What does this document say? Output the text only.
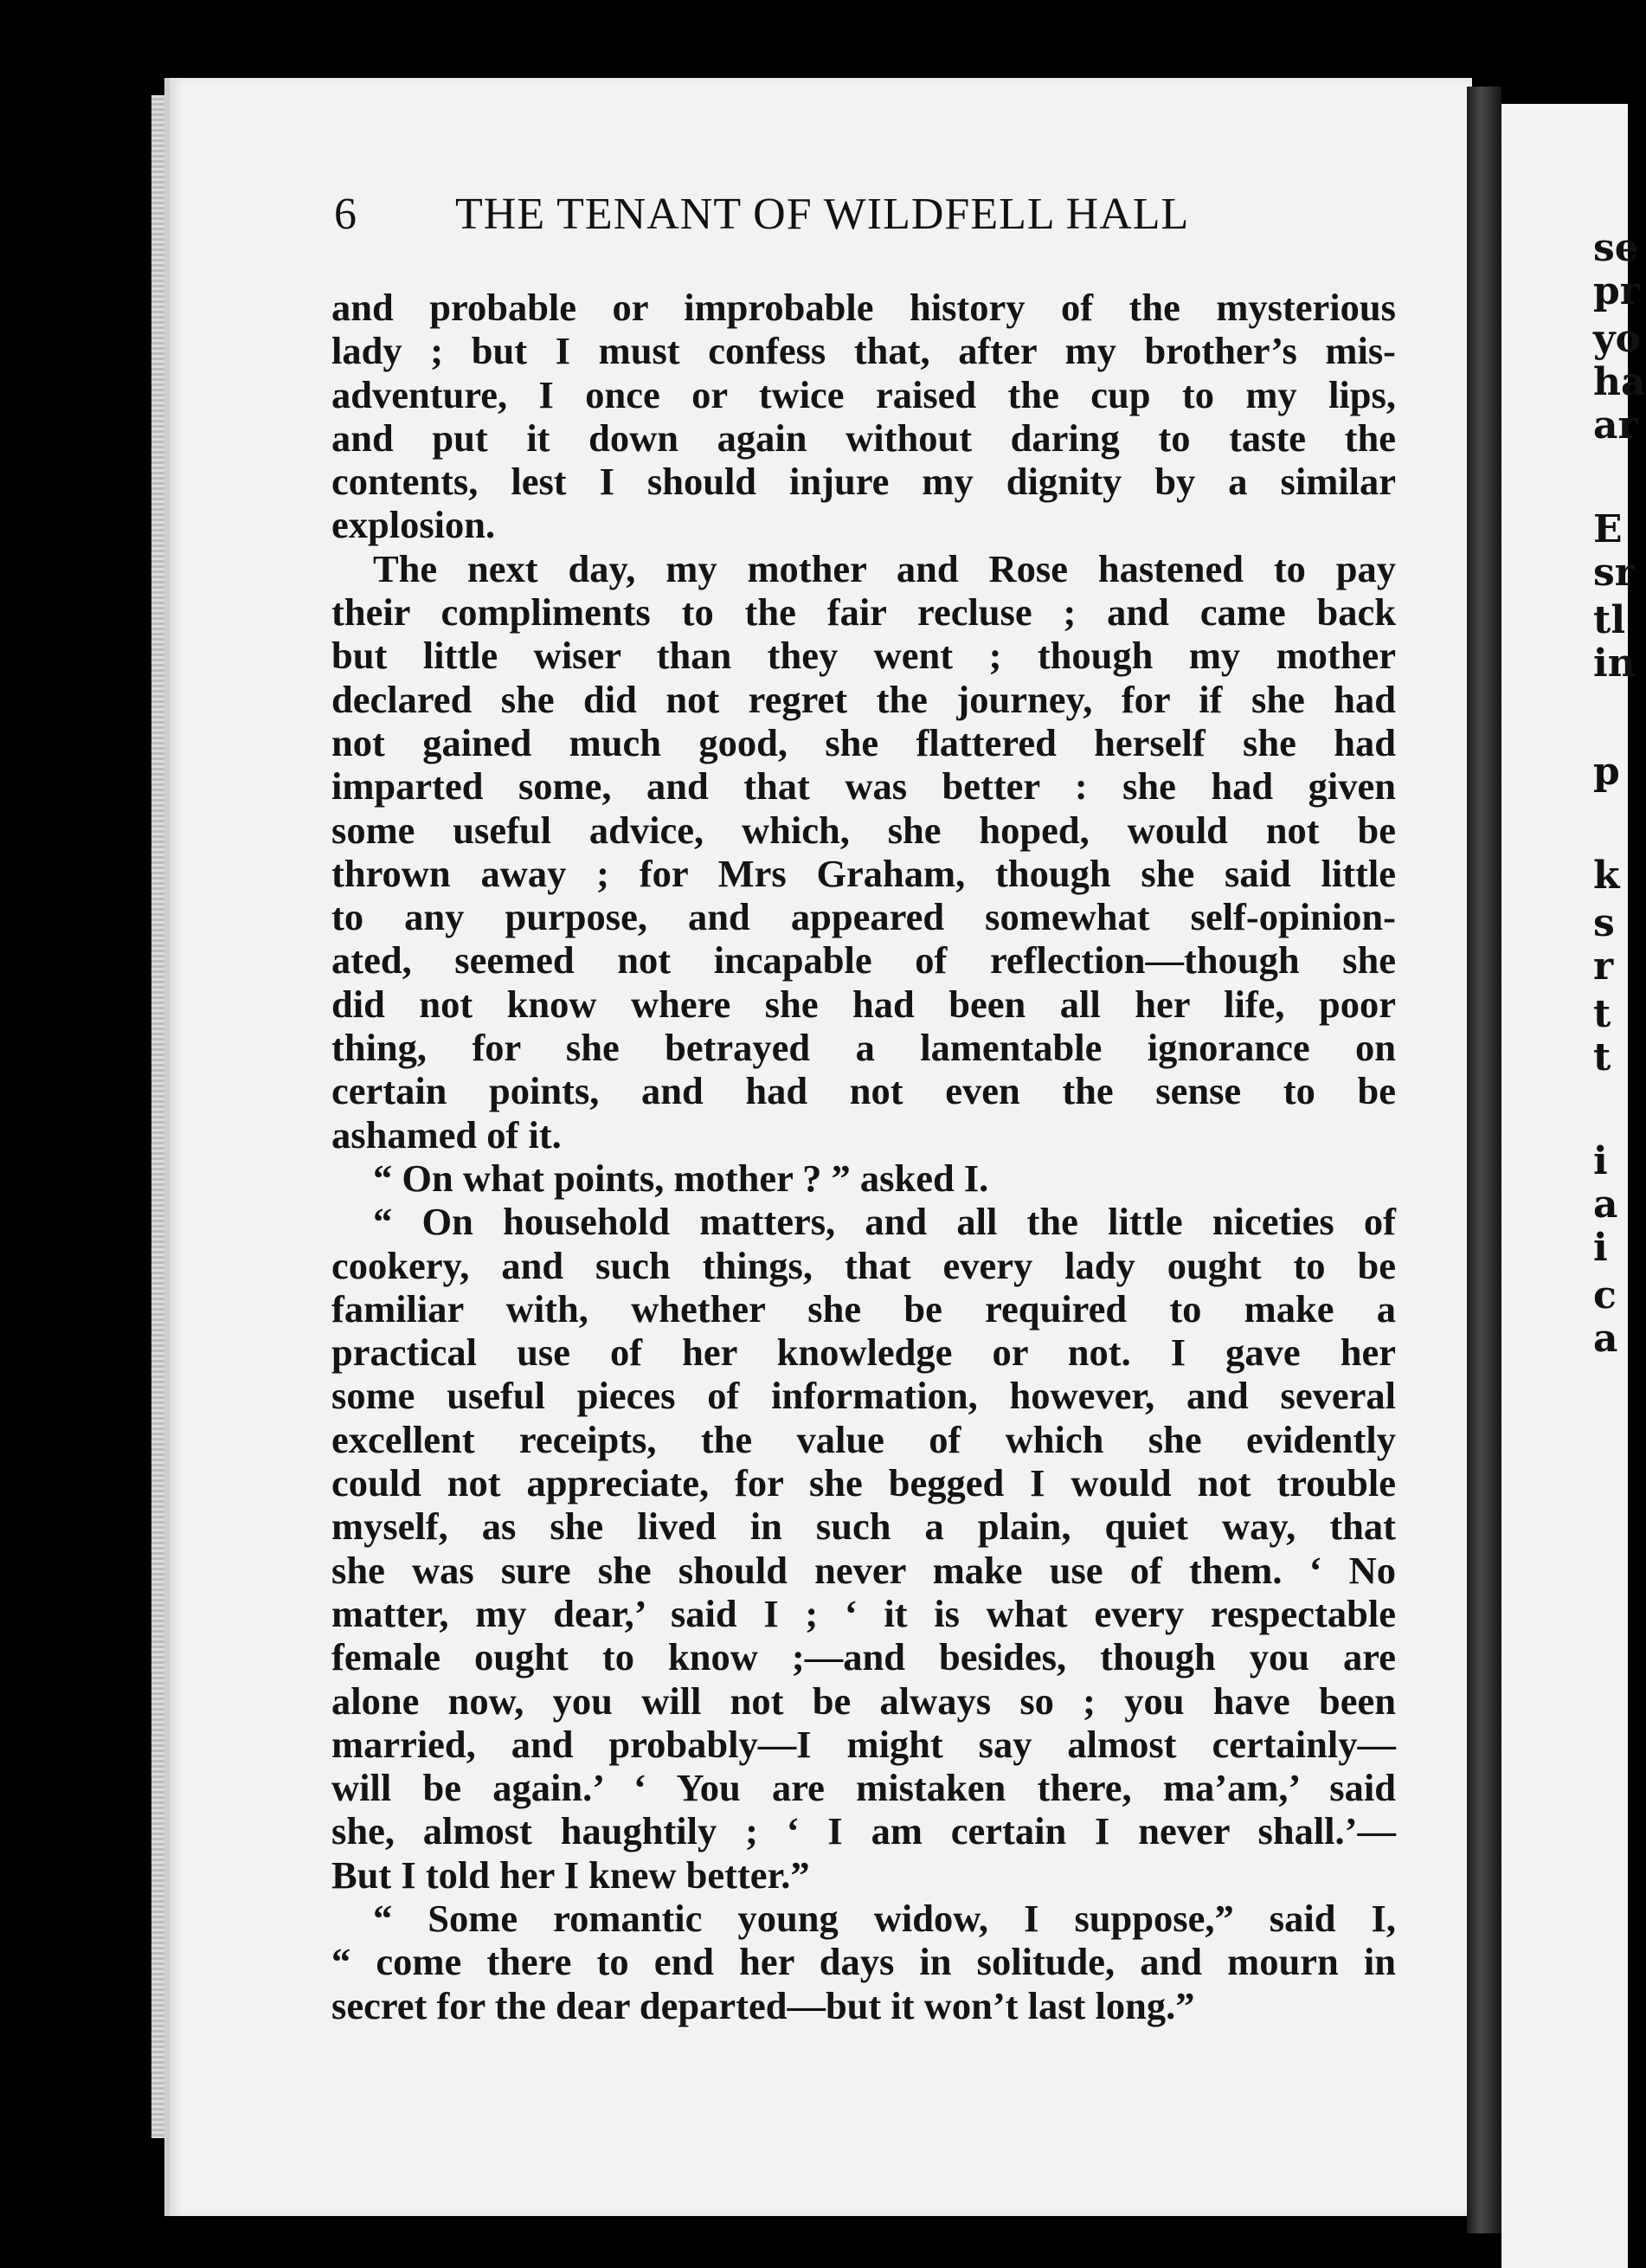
se
pr
yo
ha
ar
E
sr
tl
in
p
k
s
r
t
t
i
a
i
c
a
6 THE TENANT OF WILDFELL HALL
and probable or improbable history of the mysterious
lady ; but I must confess that, after my brother’s mis-
adventure, I once or twice raised the cup to my lips,
and put it down again without daring to taste the
contents, lest I should injure my dignity by a similar
explosion.
The next day, my mother and Rose hastened to pay
their compliments to the fair recluse ; and came back
but little wiser than they went ; though my mother
declared she did not regret the journey, for if she had
not gained much good, she flattered herself she had
imparted some, and that was better : she had given
some useful advice, which, she hoped, would not be
thrown away ; for Mrs Graham, though she said little
to any purpose, and appeared somewhat self-opinion-
ated, seemed not incapable of reflection—though she
did not know where she had been all her life, poor
thing, for she betrayed a lamentable ignorance on
certain points, and had not even the sense to be
ashamed of it.
“ On what points, mother ? ” asked I.
“ On household matters, and all the little niceties of
cookery, and such things, that every lady ought to be
familiar with, whether she be required to make a
practical use of her knowledge or not. I gave her
some useful pieces of information, however, and several
excellent receipts, the value of which she evidently
could not appreciate, for she begged I would not trouble
myself, as she lived in such a plain, quiet way, that
she was sure she should never make use of them. ‘ No
matter, my dear,’ said I ; ‘ it is what every respectable
female ought to know ;—and besides, though you are
alone now, you will not be always so ; you have been
married, and probably—I might say almost certainly—
will be again.’ ‘ You are mistaken there, ma’am,’ said
she, almost haughtily ; ‘ I am certain I never shall.’—
But I told her I knew better.”
“ Some romantic young widow, I suppose,” said I,
“ come there to end her days in solitude, and mourn in
secret for the dear departed—but it won’t last long.”
